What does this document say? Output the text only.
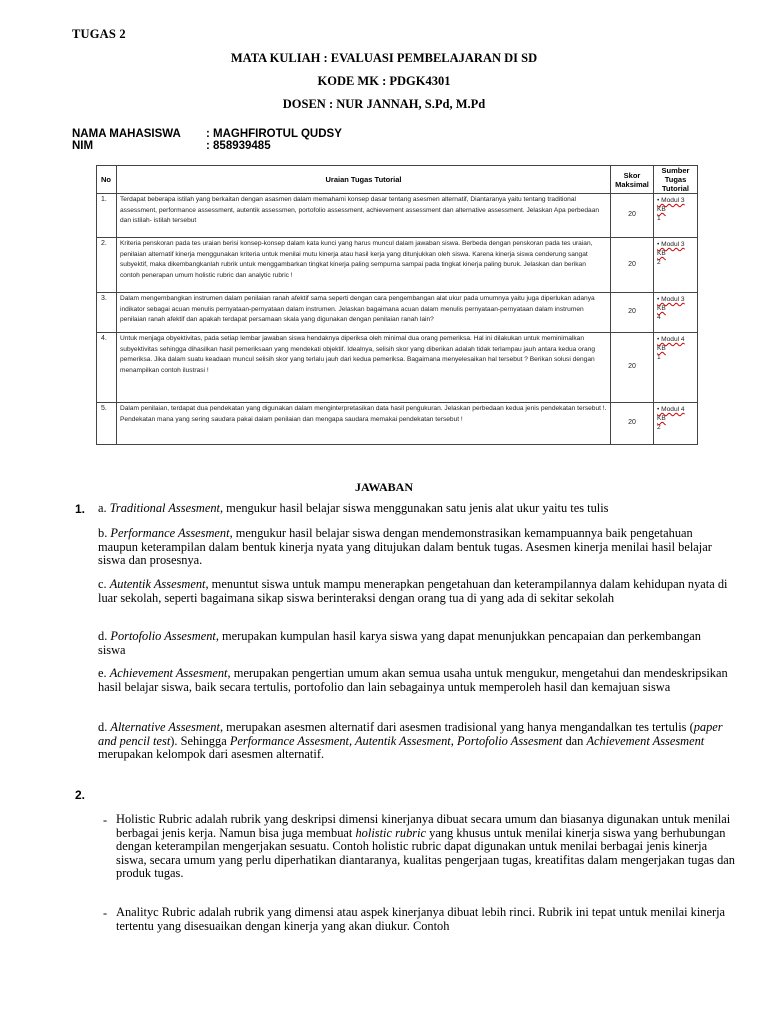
TUGAS 2
MATA KULIAH : EVALUASI PEMBELAJARAN DI SD
KODE MK : PDGK4301
DOSEN : NUR JANNAH, S.Pd, M.Pd
NAMA MAHASISWA : MAGHFIROTUL QUDSY
NIM	: 858939485
No	Uraian Tugas Tutorial	Skor Maksimal	Sumber Tugas Tutorial
1.	Terdapat beberapa istilah yang berkaitan dengan asasmen dalam memahami konsep dasar tentang asesmen alternatif, Diantaranya yaitu tentang traditional assessment, performance assessment, autentik assessmen, portofolio assessment, achievement assessment dan alternative assessment. Jelaskan Apa perbedaan dan istilah- istilah tersebut	20	• Modul 3 KB
1
2.	Kriteria penskoran pada tes uraian berisi konsep-konsep dalam kata kunci yang harus muncul dalam jawaban siswa. Berbeda dengan penskoran pada tes uraian, penilaian alternatif kinerja menggunakan kriteria untuk menilai mutu kinerja atau hasil kerja yang ditunjukkan oleh siswa. Karena kinerja siswa cenderung sangat subyektif, maka dikembangkanlah rubrik untuk menggambarkan tingkat kinerja paling sempurna sampai pada tingkat kinerja paling buruk. Jelaskan dan berikan contoh penerapan umum holistic rubric dan analytic rubric !	20	• Modul 3 KB
2
3.	Dalam mengembangkan instrumen dalam penilaian ranah afektif sama seperti dengan cara pengembangan alat ukur pada umumnya yaitu juga diperlukan adanya indikator sebagai acuan menulis pernyataan-pernyataan dalam instrumen. Jelaskan bagaimana acuan dalam menulis pernyataan-pernyataan dalam instrumen penilaian ranah afektif dan apakah terdapat persamaan skala yang digunakan dengan penilaian ranah lain?	20	• Modul 3 KB
4
4.	Untuk menjaga obyektivitas, pada setiap lembar jawaban siswa hendaknya diperiksa oleh minimal dua orang pemeriksa. Hal ini dilakukan untuk meminimalkan subyektivitas sehingga dihasilkan hasil pemeriksaan yang mendekati objektif. Idealnya, selisih skor yang diberikan adalah tidak terlampau jauh antara kedua orang pemeriksa. Jika dalam suatu keadaan muncul selisih skor yang terlalu jauh dari kedua pemeriksa. Bagaimana menyelesaikan hal tersebut ? Berikan solusi dengan menampilkan contoh ilustrasi !	20	• Modul 4 KB
1
5.	Dalam penilaian, terdapat dua pendekatan yang digunakan dalam menginterpretasikan data hasil pengukuran. Jelaskan perbedaan kedua jenis pendekatan tersebut !. Pendekatan mana yang sering saudara pakai dalam penilaian dan mengapa saudara memakai pendekatan tersebut !	20	• Modul 4 KB
2
JAWABAN
1. a. Traditional Assesment, mengukur hasil belajar siswa menggunakan satu jenis alat ukur yaitu tes tulis
b. Performance Assesment, mengukur hasil belajar siswa dengan mendemonstrasikan kemampuannya baik pengetahuan maupun keterampilan dalam bentuk kinerja nyata yang ditujukan dalam bentuk tugas. Asesmen kinerja menilai hasil belajar siswa dan prosesnya.
c. Autentik Assesment, menuntut siswa untuk mampu menerapkan pengetahuan dan keterampilannya dalam kehidupan nyata di luar sekolah, seperti bagaimana sikap siswa berinteraksi dengan orang tua di yang ada di sekitar sekolah
d. Portofolio Assesment, merupakan kumpulan hasil karya siswa yang dapat menunjukkan pencapaian dan perkembangan siswa
e. Achievement Assesment, merupakan pengertian umum akan semua usaha untuk mengukur, mengetahui dan mendeskripsikan hasil belajar siswa, baik secara tertulis, portofolio dan lain sebagainya untuk memperoleh hasil dan kemajuan siswa
d. Alternative Assesment, merupakan asesmen alternatif dari asesmen tradisional yang hanya mengandalkan tes tertulis (paper and pencil test). Sehingga Performance Assesment, Autentik Assesment, Portofolio Assesment dan Achievement Assesment merupakan kelompok dari asesmen alternatif.
2.
- Holistic Rubric adalah rubrik yang deskripsi dimensi kinerjanya dibuat secara umum dan biasanya digunakan untuk menilai berbagai jenis kerja. Namun bisa juga membuat holistic rubric yang khusus untuk menilai kinerja siswa yang berhubungan dengan keterampilan mengerjakan sesuatu. Contoh holistic rubric dapat digunakan untuk menilai berbagai jenis kinerja siswa, secara umum yang perlu diperhatikan diantaranya, kualitas pengerjaan tugas, kreatifitas dalam mengerjakan tugas dan produk tugas.
- Analityc Rubric adalah rubrik yang dimensi atau aspek kinerjanya dibuat lebih rinci. Rubrik ini tepat untuk menilai kinerja tertentu yang disesuaikan dengan kinerja yang akan diukur. Contoh
